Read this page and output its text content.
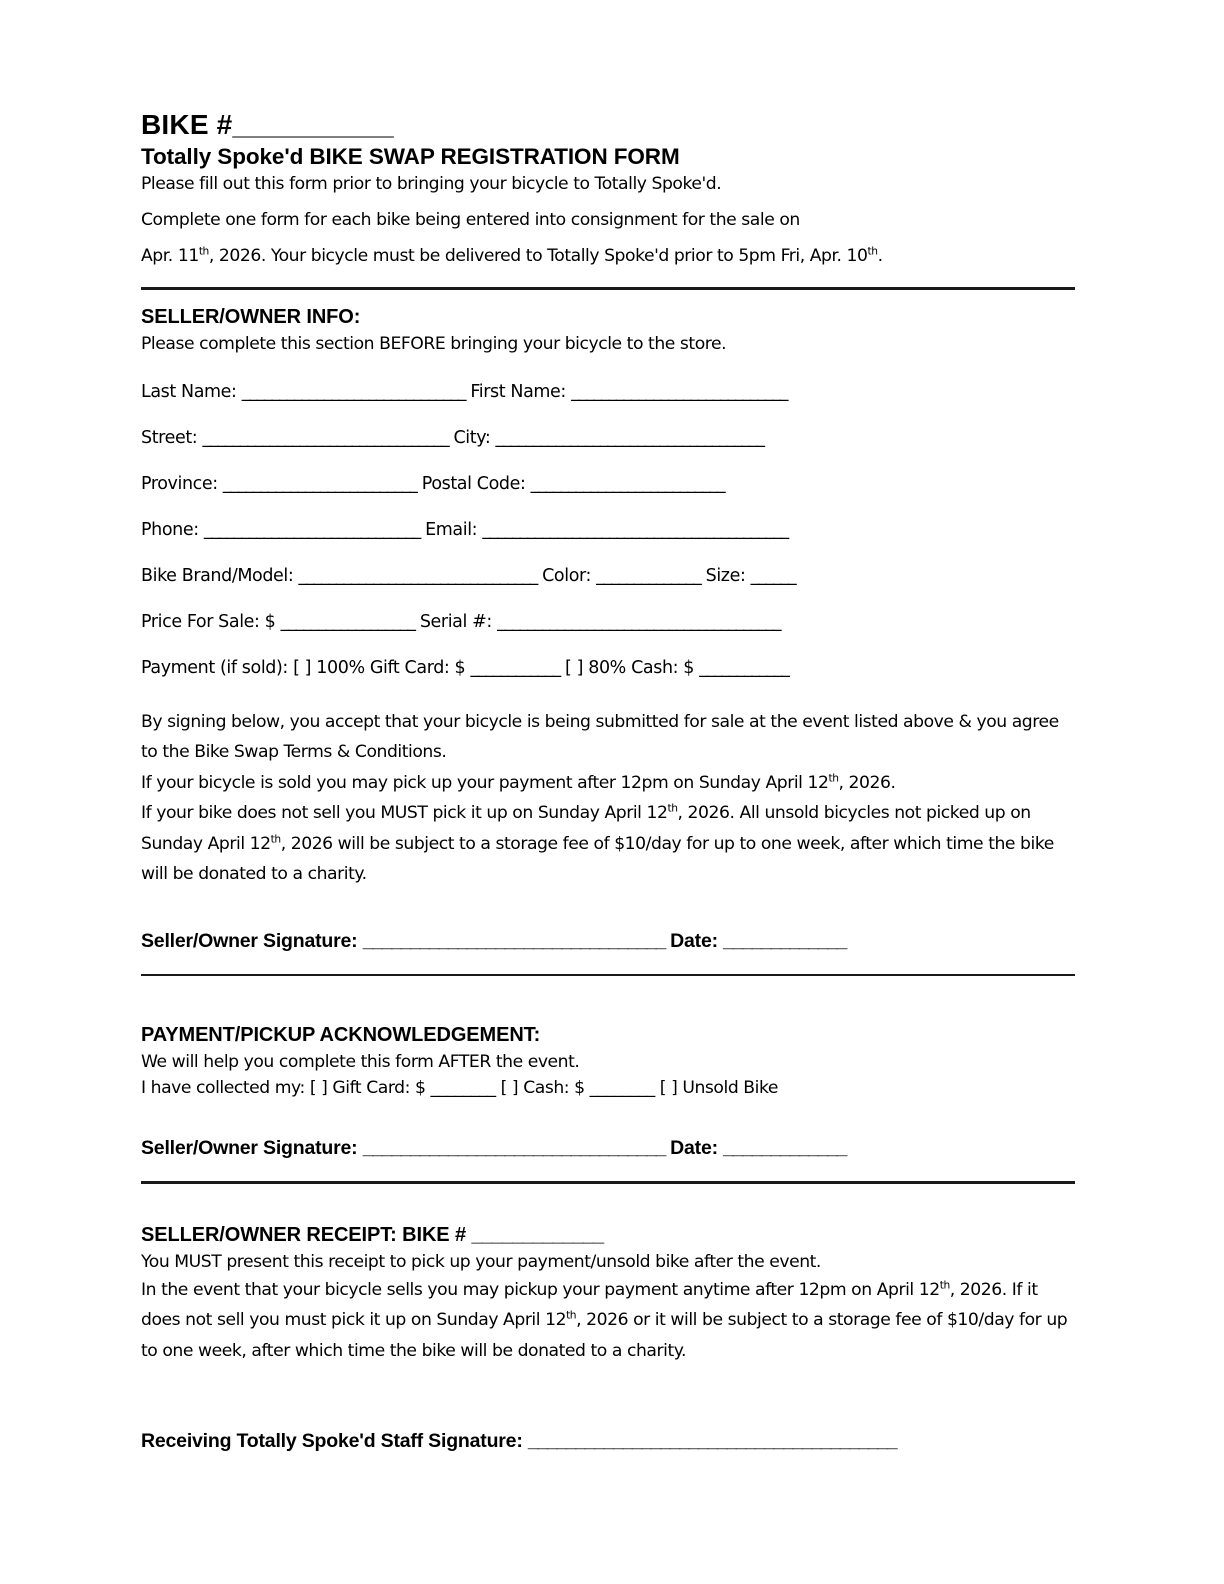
BIKE #___________
Totally Spoke'd BIKE SWAP REGISTRATION FORM
Please fill out this form prior to bringing your bicycle to Totally Spoke'd.
Complete one form for each bike being entered into consignment for the sale on
Apr. 11th, 2026. Your bicycle must be delivered to Totally Spoke'd prior to 5pm Fri, Apr. 10th.
SELLER/OWNER INFO:
Please complete this section BEFORE bringing your bicycle to the store.
Last Name: ______________________________ First Name: _____________________________
Street: _________________________________ City: ____________________________________
Province: __________________________ Postal Code: __________________________
Phone: _____________________________ Email: _________________________________________
Bike Brand/Model: ________________________________ Color: ______________ Size: ______
Price For Sale: $ __________________ Serial #: ______________________________________
Payment (if sold): [ ] 100% Gift Card: $ ____________ [ ] 80% Cash: $ ____________
By signing below, you accept that your bicycle is being submitted for sale at the event listed above & you agree to the Bike Swap Terms & Conditions.
If your bicycle is sold you may pick up your payment after 12pm on Sunday April 12th, 2026.
If your bike does not sell you MUST pick it up on Sunday April 12th, 2026. All unsold bicycles not picked up on Sunday April 12th, 2026 will be subject to a storage fee of $10/day for up to one week, after which time the bike will be donated to a charity.
Seller/Owner Signature: ________________________________ Date: _____________
PAYMENT/PICKUP ACKNOWLEDGEMENT:
We will help you complete this form AFTER the event.
I have collected my: [ ] Gift Card: $ ________ [ ] Cash: $ ________ [ ] Unsold Bike
Seller/Owner Signature: ________________________________ Date: _____________
SELLER/OWNER RECEIPT: BIKE # _____________
You MUST present this receipt to pick up your payment/unsold bike after the event.
In the event that your bicycle sells you may pickup your payment anytime after 12pm on April 12th, 2026. If it does not sell you must pick it up on Sunday April 12th, 2026 or it will be subject to a storage fee of $10/day for up to one week, after which time the bike will be donated to a charity.
Receiving Totally Spoke'd Staff Signature: _______________________________________
